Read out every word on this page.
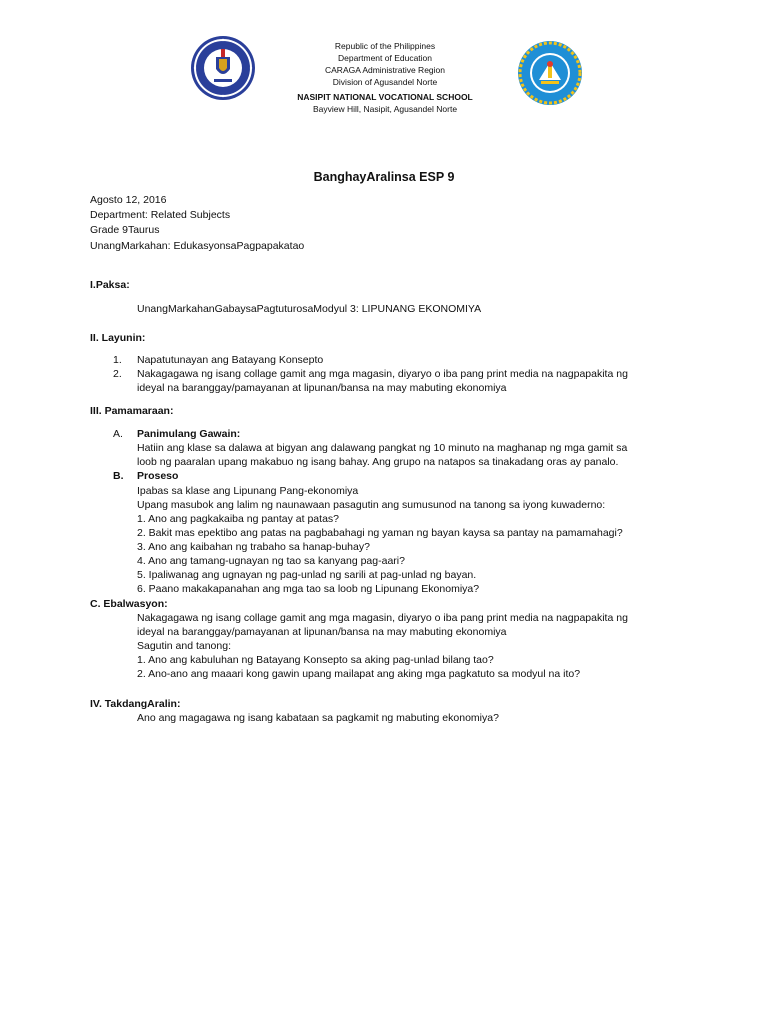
Republic of the Philippines
Department of Education
CARAGA Administrative Region
Division of Agusandel Norte
NASIPIT NATIONAL VOCATIONAL SCHOOL
Bayview Hill, Nasipit, Agusandel Norte
BanghayAralinsa ESP 9
Agosto 12, 2016
Department: Related Subjects
Grade 9Taurus
UnangMarkahan: EdukasyonsaPagpapakatao
I.Paksa:
UnangMarkahanGabaysaPagtuturosaModyul 3: LIPUNANG EKONOMIYA
II. Layunin:
1. Napatutunayan ang Batayang Konsepto
2. Nakagagawa ng isang collage gamit ang mga magasin, diyaryo o iba pang print media na nagpapakita ng
ideyal na baranggay/pamayanan at lipunan/bansa na may mabuting ekonomiya
III. Pamamaraan:
A. Panimulang Gawain:
Hatiin ang klase sa dalawa at bigyan ang dalawang pangkat ng 10 minuto na maghanap ng mga gamit sa
loob ng paaralan upang makabuo ng isang bahay. Ang grupo na natapos sa tinakadang oras ay panalo.
B. Proseso
Ipabas sa klase ang Lipunang Pang-ekonomiya
Upang masubok ang lalim ng naunawaan pasagutin ang sumusunod na tanong sa iyong kuwaderno:
1. Ano ang pagkakaiba ng pantay at patas?
2. Bakit mas epektibo ang patas na pagbabahagi ng yaman ng bayan kaysa sa pantay na pamamahagi?
3. Ano ang kaibahan ng trabaho sa hanap-buhay?
4. Ano ang tamang-ugnayan ng tao sa kanyang pag-aari?
5. Ipaliwanag ang ugnayan ng pag-unlad ng sarili at pag-unlad ng bayan.
6. Paano makakapanahan ang mga tao sa loob ng Lipunang Ekonomiya?
C. Ebalwasyon:
Nakagagawa ng isang collage gamit ang mga magasin, diyaryo o iba pang print media na nagpapakita ng
ideyal na baranggay/pamayanan at lipunan/bansa na may mabuting ekonomiya
Sagutin and tanong:
1. Ano ang kabuluhan ng Batayang Konsepto sa aking pag-unlad bilang tao?
2. Ano-ano ang maaari kong gawin upang mailapat ang aking mga pagkatuto sa modyul na ito?
IV. TakdangAralin:
Ano ang magagawa ng isang kabataan sa pagkamit ng mabuting ekonomiya?
